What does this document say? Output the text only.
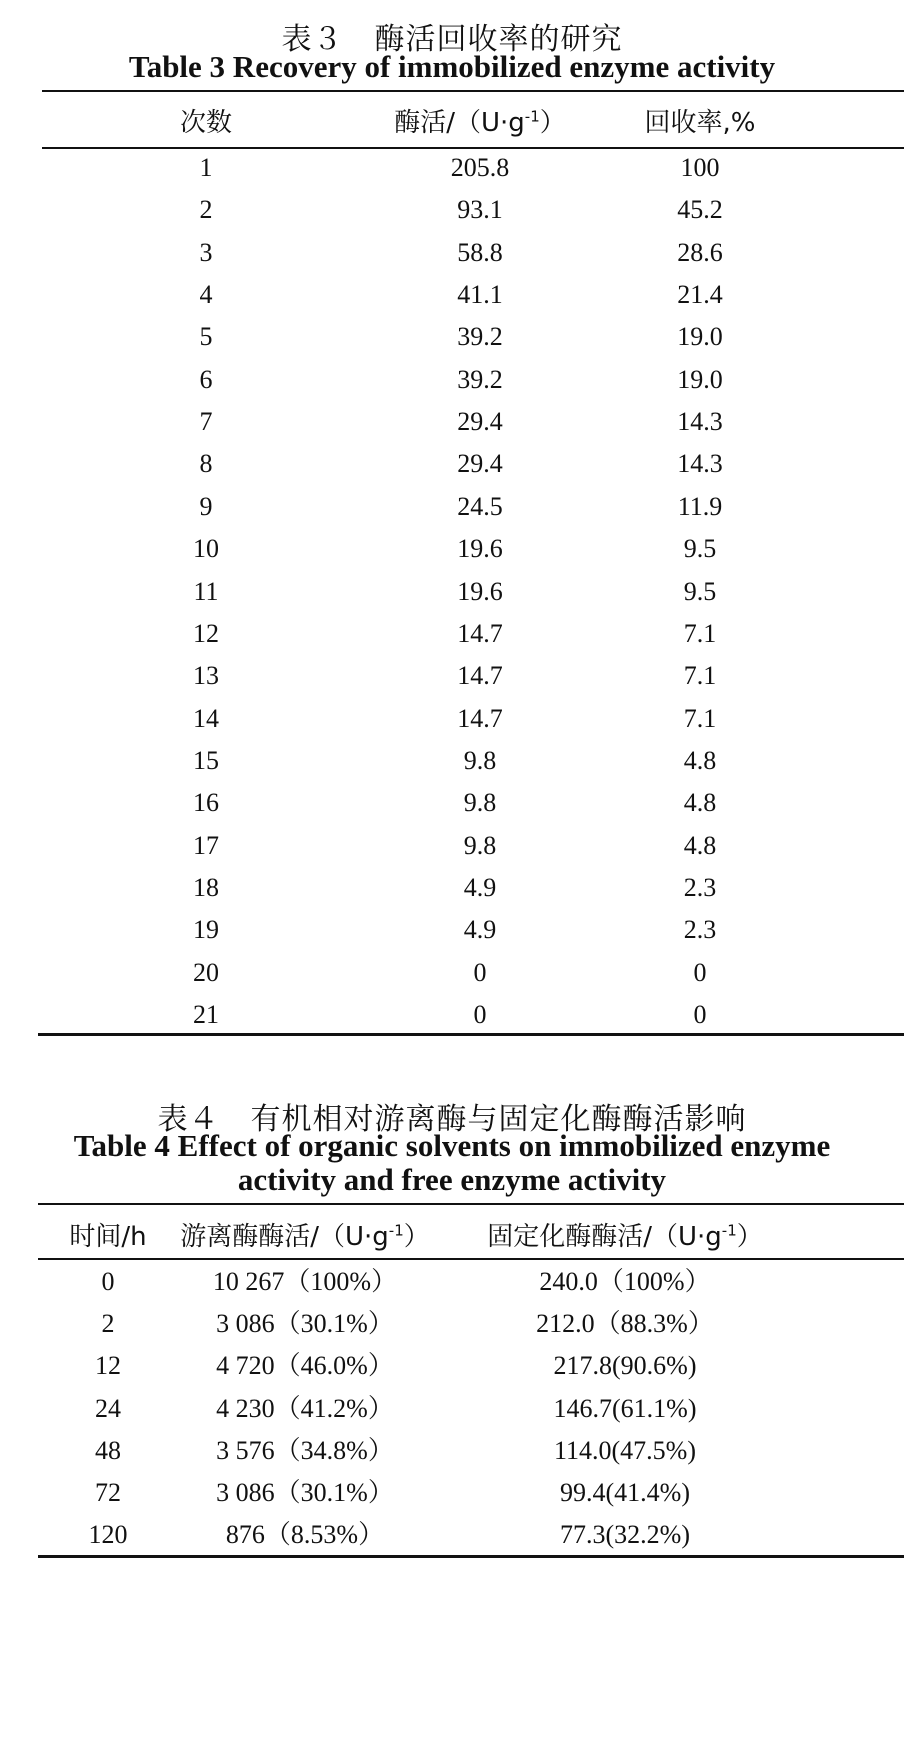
表３　酶活回收率的研究
Table 3 Recovery of immobilized enzyme activity
次数	酶活$/(U\cdot g^{-1})$	回收率,%
1	205.8	100
2	93.1	45.2
3	58.8	28.6
4	41.1	21.4
5	39.2	19.0
6	39.2	19.0
7	29.4	14.3
8	29.4	14.3
9	24.5	11.9
10	19.6	9.5
11	19.6	9.5
12	14.7	7.1
13	14.7	7.1
14	14.7	7.1
15	9.8	4.8
16	9.8	4.8
17	9.8	4.8
18	4.9	2.3
19	4.9	2.3
20	0	0
21	0	0
表４　有机相对游离酶与固定化酶酶活影响
Table 4 Effect of organic solvents on immobilized enzyme
activity and free enzyme activity
时间/h	游离酶酶活$/(U\cdot g^{-1})$	固定化酶酶活$/(U\cdot g^{-1})$
0	10 267（100%）	240.0（100%）
2	3 086（30.1%）	212.0（88.3%）
12	4 720（46.0%）	217.8(90.6%)
24	4 230（41.2%）	146.7(61.1%)
48	3 576（34.8%）	114.0(47.5%)
72	3 086（30.1%）	99.4(41.4%)
120	876（8.53%）	77.3(32.2%)
